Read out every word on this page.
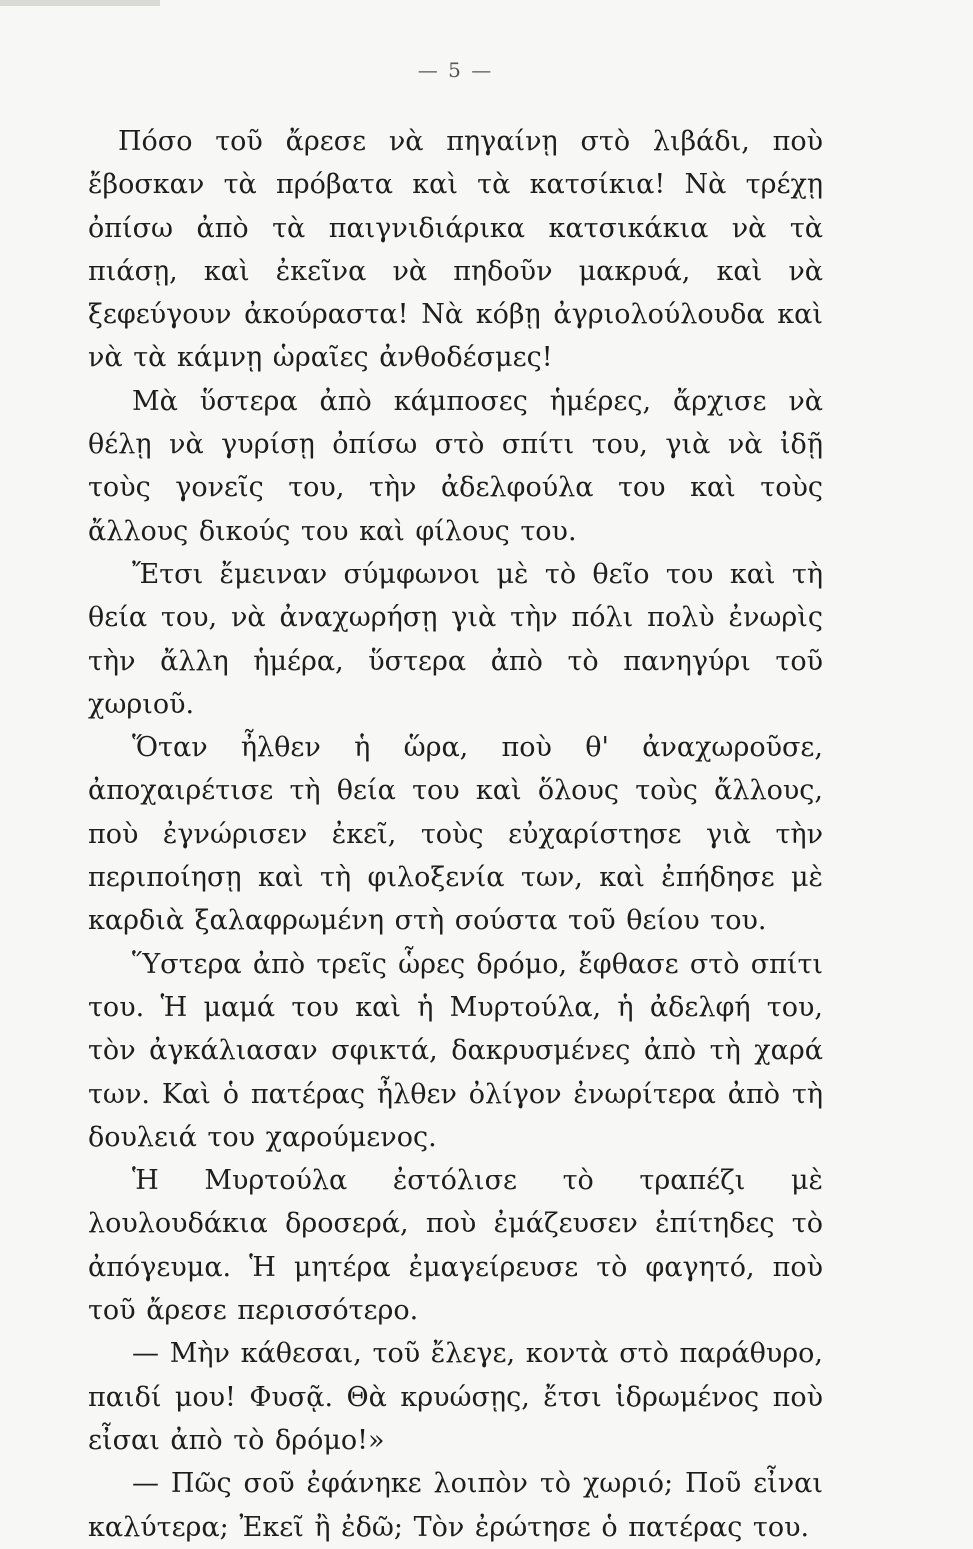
— 5 —

Πόσο τοῦ ἄρεσε νὰ πηγαίνῃ στὸ λιβάδι, ποὺ ἔβοσκαν τὰ πρόβατα καὶ τὰ κατσίκια! Νὰ τρέχῃ ὀπίσω ἀπὸ τὰ παιγνιδιάρικα κατσικάκια νὰ τὰ πιάσῃ, καὶ ἐκεῖνα νὰ πηδοῦν μακρυά, καὶ νὰ ξεφεύγουν ἀκούραστα! Νὰ κόβῃ ἀγριολούλουδα καὶ νὰ τὰ κάμνῃ ὡραῖες ἀνθοδέσμες!

Μὰ ὕστερα ἀπὸ κάμποσες ἡμέρες, ἄρχισε νὰ θέλῃ νὰ γυρίσῃ ὀπίσω στὸ σπίτι του, γιὰ νὰ ἰδῇ τοὺς γονεῖς του, τὴν ἀδελφούλα του καὶ τοὺς ἄλλους δικούς του καὶ φίλους του.

Ἔτσι ἔμειναν σύμφωνοι μὲ τὸ θεῖο του καὶ τὴ θεία του, νὰ ἀναχωρήσῃ γιὰ τὴν πόλι πολὺ ἐνωρὶς τὴν ἄλλη ἡμέρα, ὕστερα ἀπὸ τὸ πανηγύρι τοῦ χωριοῦ.

Ὅταν ἦλθεν ἡ ὥρα, ποὺ θ' ἀναχωροῦσε, ἀποχαιρέτισε τὴ θεία του καὶ ὅλους τοὺς ἄλλους, ποὺ ἐγνώρισεν ἐκεῖ, τοὺς εὐχαρίστησε γιὰ τὴν περιποίησῃ καὶ τὴ φιλοξενία των, καὶ ἐπήδησε μὲ καρδιὰ ξαλαφρωμένη στὴ σούστα τοῦ θείου του.

Ὕστερα ἀπὸ τρεῖς ὧρες δρόμο, ἔφθασε στὸ σπίτι του. Ἡ μαμά του καὶ ἡ Μυρτούλα, ἡ ἀδελφή του, τὸν ἀγκάλιασαν σφικτά, δακρυσμένες ἀπὸ τὴ χαρά των. Καὶ ὁ πατέρας ἦλθεν ὀλίγον ἐνωρίτερα ἀπὸ τὴ δουλειά του χαρούμενος.

Ἡ Μυρτούλα ἐστόλισε τὸ τραπέζι μὲ λουλουδάκια δροσερά, ποὺ ἐμάζευσεν ἐπίτηδες τὸ ἀπόγευμα. Ἡ μητέρα ἐμαγείρευσε τὸ φαγητό, ποὺ τοῦ ἄρεσε περισσότερο.

— Μὴν κάθεσαι, τοῦ ἔλεγε, κοντὰ στὸ παράθυρο, παιδί μου! Φυσᾷ. Θὰ κρυώσῃς, ἔτσι ἱδρωμένος ποὺ εἶσαι ἀπὸ τὸ δρόμο!»

— Πῶς σοῦ ἐφάνηκε λοιπὸν τὸ χωριό; Ποῦ εἶναι καλύτερα; Ἐκεῖ ἢ ἐδῶ; Τὸν ἐρώτησε ὁ πατέρας του.
